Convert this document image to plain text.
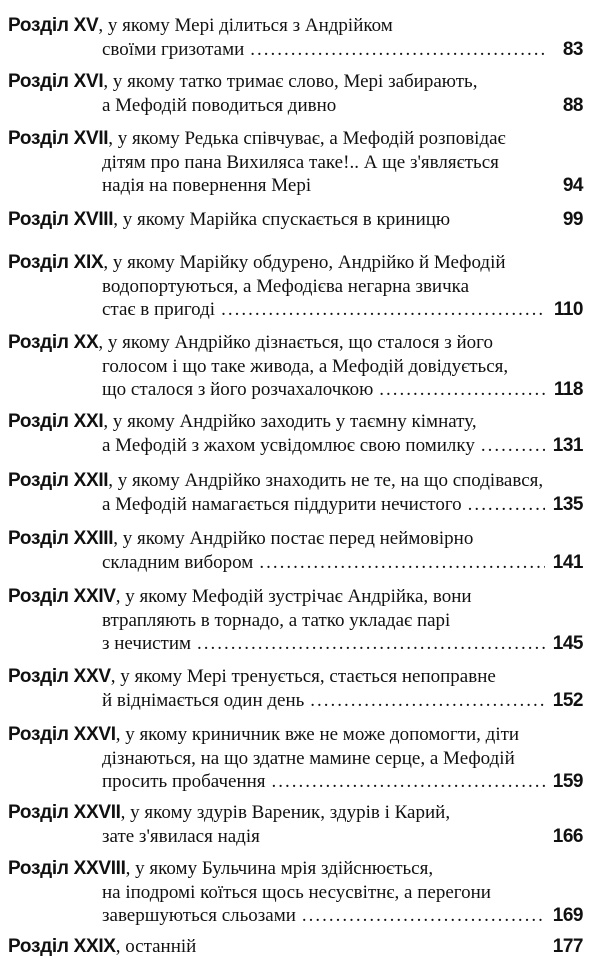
Розділ XV , у якому Мері ділиться з Андрійком
своїми гризотами .....	83
Розділ XVI , у якому татко тримає слово, Мері забирають,
а Мефодій поводиться дивно	88
Розділ XVII , у якому Редька співчуває, а Мефодій розповідає
дітям про пана Вихиляса таке!.. А ще з'являється
надія на повернення Мері	94
Розділ XVIII , у якому Марійка спускається в криницю	99
Розділ XIX , у якому Марійку обдурено, Андрійко й Мефодій
водопортуються, а Мефодієва негарна звичка
стає в пригоді .....	110
Розділ XX , у якому Андрійко дізнається, що сталося з його
голосом і що таке живода, а Мефодій довідується,
що сталося з його розчахалочкою .....	118
Розділ XXI , у якому Андрійко заходить у таємну кімнату,
а Мефодій з жахом усвідомлює свою помилку .....	131
Розділ XXII , у якому Андрійко знаходить не те, на що сподівався,
а Мефодій намагається піддурити нечистого .....	135
Розділ XXIII , у якому Андрійко постає перед неймовірно
складним вибором .....	141
Розділ XXIV , у якому Мефодій зустрічає Андрійка, вони
втрапляють в торнадо, а татко укладає парі
з нечистим .....	145
Розділ XXV , у якому Мері тренується, стається непоправне
й віднімається один день .....	152
Розділ XXVI , у якому криничник вже не може допомогти, діти
дізнаються, на що здатне мамине серце, а Мефодій
просить пробачення .....	159
Розділ XXVII , у якому здурів Вареник, здурів і Карий,
зате з'явилася надія	166
Розділ XXVIII , у якому Бульчина мрія здійснюється,
на іподромі коїться щось несусвітнє, а перегони
завершуються сльозами .....	169
Розділ XXIX , останній	177
